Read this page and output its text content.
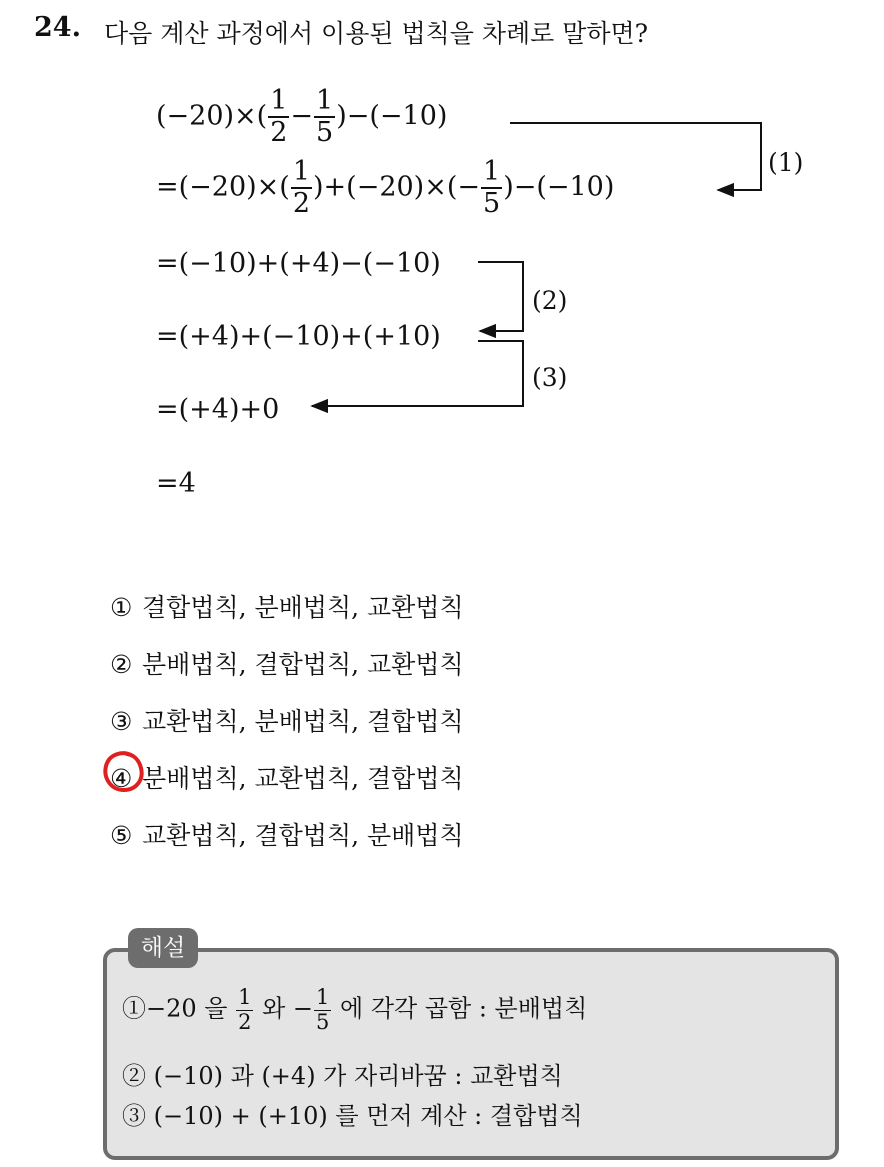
24. 다음 계산 과정에서 이용된 법칙을 차례로 말하면?
$(-20)\times( \frac{1}{2} - \frac{1}{5} )-(-10)$
$=(-20)\times( \frac{1}{2} )+(-20)\times(- \frac{1}{5} )-(-10)$
=(−10)+(+4)−(−10)
=(+4)+(−10)+(+10)
=(+4)+0
=4
(1)
(2)
(3)
① 결합법칙, 분배법칙, 교환법칙
② 분배법칙, 결합법칙, 교환법칙
③ 교환법칙, 분배법칙, 결합법칙
④ 분배법칙, 교환법칙, 결합법칙
⑤ 교환법칙, 결합법칙, 분배법칙
해설
①−20 을 $\frac{1}{2}$ 와 − $\frac{1}{5}$ 에 각각 곱함 : 분배법칙
② (−10) 과 (+4) 가 자리바꿈 : 교환법칙
③ (−10) + (+10) 를 먼저 계산 : 결합법칙
